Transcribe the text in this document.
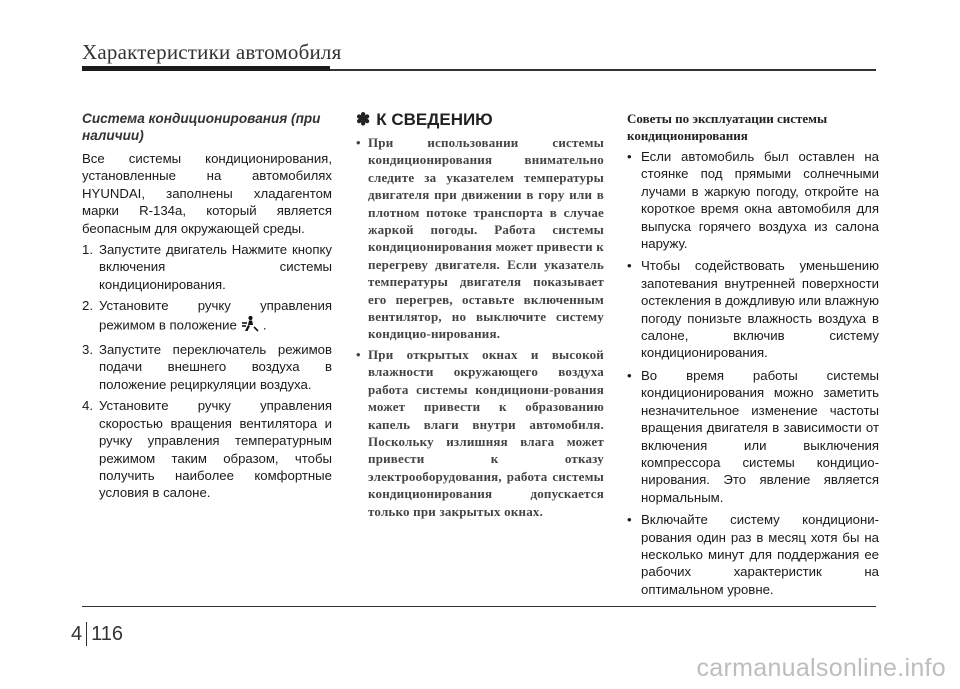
Характеристики автомобиля
Система кондиционирования (при наличии)
Все системы кондиционирования, установленные на автомобилях HYUNDAI, заполнены хладагентом марки R-134a, который является беопасным для окружающей среды.
1. Запустите двигатель Нажмите кнопку включения системы кондиционирования.
2. Установите ручку управления режимом в положение .
3. Запустите переключатель режимов подачи внешнего воздуха в положение рециркуляции воздуха.
4. Установите ручку управления скоростью вращения вентилятора и ручку управления температурным режимом таким образом, чтобы получить наиболее комфортные условия в салоне.
✽ К СВЕДЕНИЮ
• При использовании системы кондиционирования внимательно следите за указателем температуры двигателя при движении в гору или в плотном потоке транспорта в случае жаркой погоды. Работа системы кондиционирования может привести к перегреву двигателя. Если указатель температуры двигателя показывает его перегрев, оставьте включенным вентилятор, но выключите систему кондицио-нирования.
• При открытых окнах и высокой влажности окружающего воздуха работа системы кондициони-рования может привести к образованию капель влаги внутри автомобиля. Поскольку излишняя влага может привести к отказу электрооборудования, работа системы кондиционирования допускается только при закрытых окнах.
Советы по эксплуатации системы кондиционирования
• Если автомобиль был оставлен на стоянке под прямыми солнечными лучами в жаркую погоду, откройте на короткое время окна автомобиля для выпуска горячего воздуха из салона наружу.
• Чтобы содействовать уменьшению запотевания внутренней поверхности остекления в дождливую или влажную погоду понизьте влажность воздуха в салоне, включив систему кондиционирования.
• Во время работы системы кондиционирования можно заметить незначительное изменение частоты вращения двигателя в зависимости от включения или выключения компрессора системы кондицио-нирования. Это явление является нормальным.
• Включайте систему кондициони-рования один раз в месяц хотя бы на несколько минут для поддержания ее рабочих характеристик на оптимальном уровне.
4 116
carmanualsonline.info
